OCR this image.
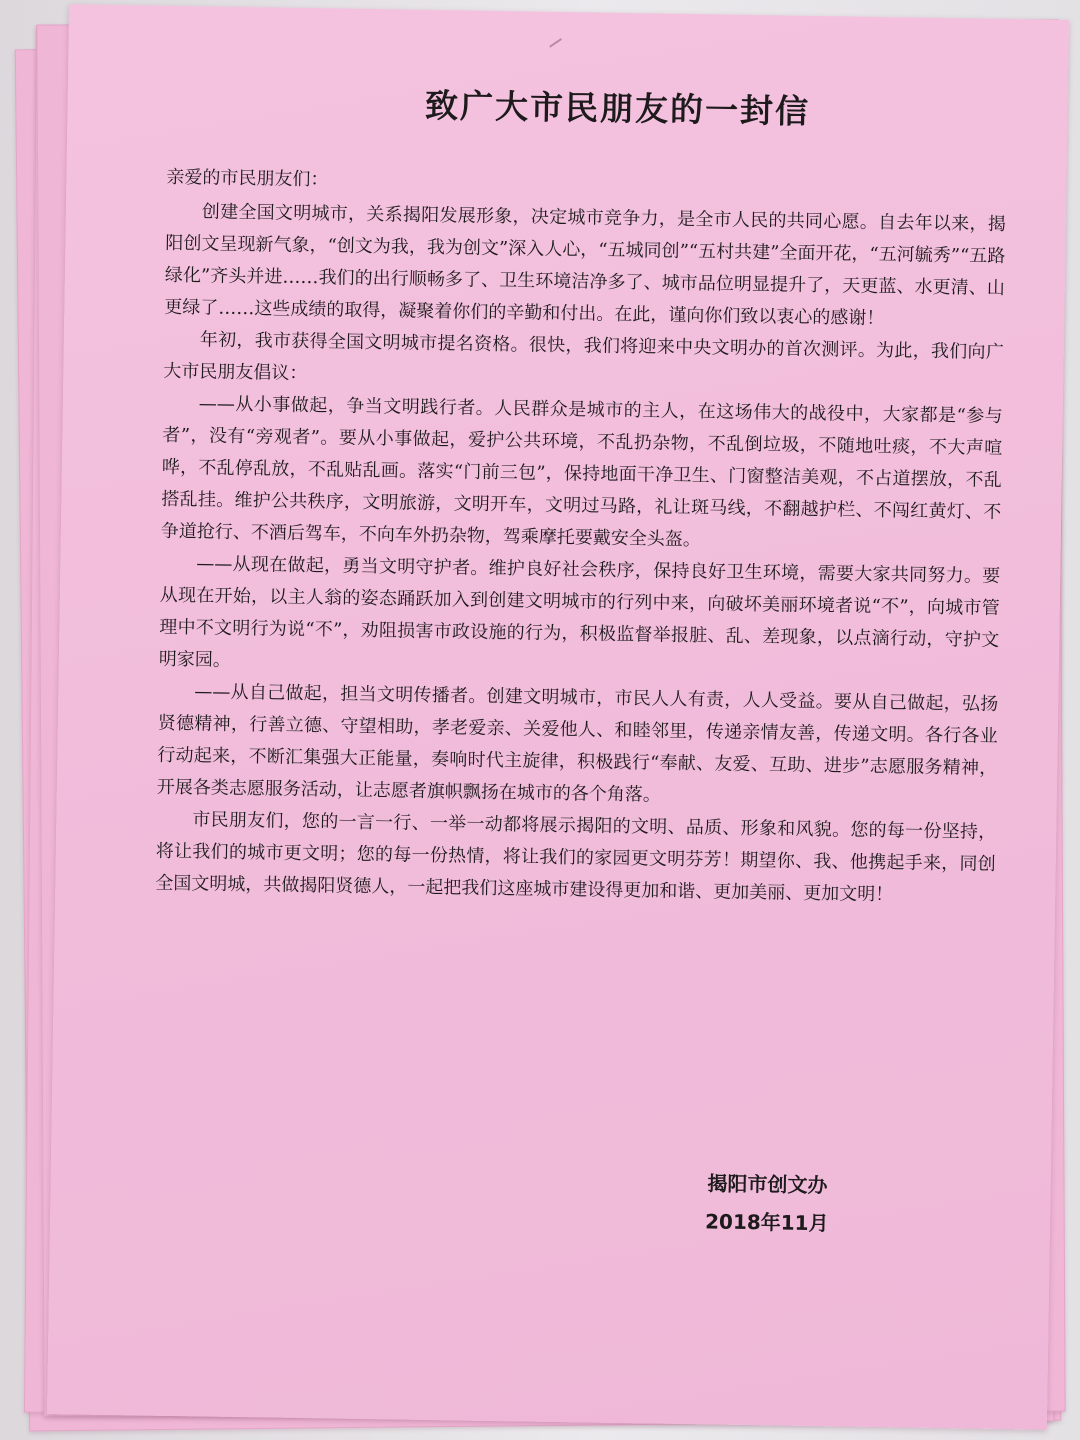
致广大市民朋友的一封信

亲爱的市民朋友们：

创建全国文明城市，关系揭阳发展形象，决定城市竞争力，是全市人民的共同心愿。自去年以来，揭阳创文呈现新气象，“创文为我，我为创文”深入人心，“五城同创”“五村共建”全面开花，“五河毓秀”“五路绿化”齐头并进……我们的出行顺畅多了、卫生环境洁净多了、城市品位明显提升了，天更蓝、水更清、山更绿了……这些成绩的取得，凝聚着你们的辛勤和付出。在此，谨向你们致以衷心的感谢！

年初，我市获得全国文明城市提名资格。很快，我们将迎来中央文明办的首次测评。为此，我们向广大市民朋友倡议：

——从小事做起，争当文明践行者。人民群众是城市的主人，在这场伟大的战役中，大家都是“参与者”，没有“旁观者”。要从小事做起，爱护公共环境，不乱扔杂物，不乱倒垃圾，不随地吐痰，不大声喧哗，不乱停乱放，不乱贴乱画。落实“门前三包”，保持地面干净卫生、门窗整洁美观，不占道摆放，不乱搭乱挂。维护公共秩序，文明旅游，文明开车，文明过马路，礼让斑马线，不翻越护栏、不闯红黄灯、不争道抢行、不酒后驾车，不向车外扔杂物，驾乘摩托要戴安全头盔。

——从现在做起，勇当文明守护者。维护良好社会秩序，保持良好卫生环境，需要大家共同努力。要从现在开始，以主人翁的姿态踊跃加入到创建文明城市的行列中来，向破坏美丽环境者说“不”，向城市管理中不文明行为说“不”，劝阻损害市政设施的行为，积极监督举报脏、乱、差现象，以点滴行动，守护文明家园。

——从自己做起，担当文明传播者。创建文明城市，市民人人有责，人人受益。要从自己做起，弘扬贤德精神，行善立德、守望相助，孝老爱亲、关爱他人、和睦邻里，传递亲情友善，传递文明。各行各业行动起来，不断汇集强大正能量，奏响时代主旋律，积极践行“奉献、友爱、互助、进步”志愿服务精神，开展各类志愿服务活动，让志愿者旗帜飘扬在城市的各个角落。

市民朋友们，您的一言一行、一举一动都将展示揭阳的文明、品质、形象和风貌。您的每一份坚持，将让我们的城市更文明；您的每一份热情，将让我们的家园更文明芬芳！期望你、我、他携起手来，同创全国文明城，共做揭阳贤德人，一起把我们这座城市建设得更加和谐、更加美丽、更加文明！

揭阳市创文办
2018年11月
